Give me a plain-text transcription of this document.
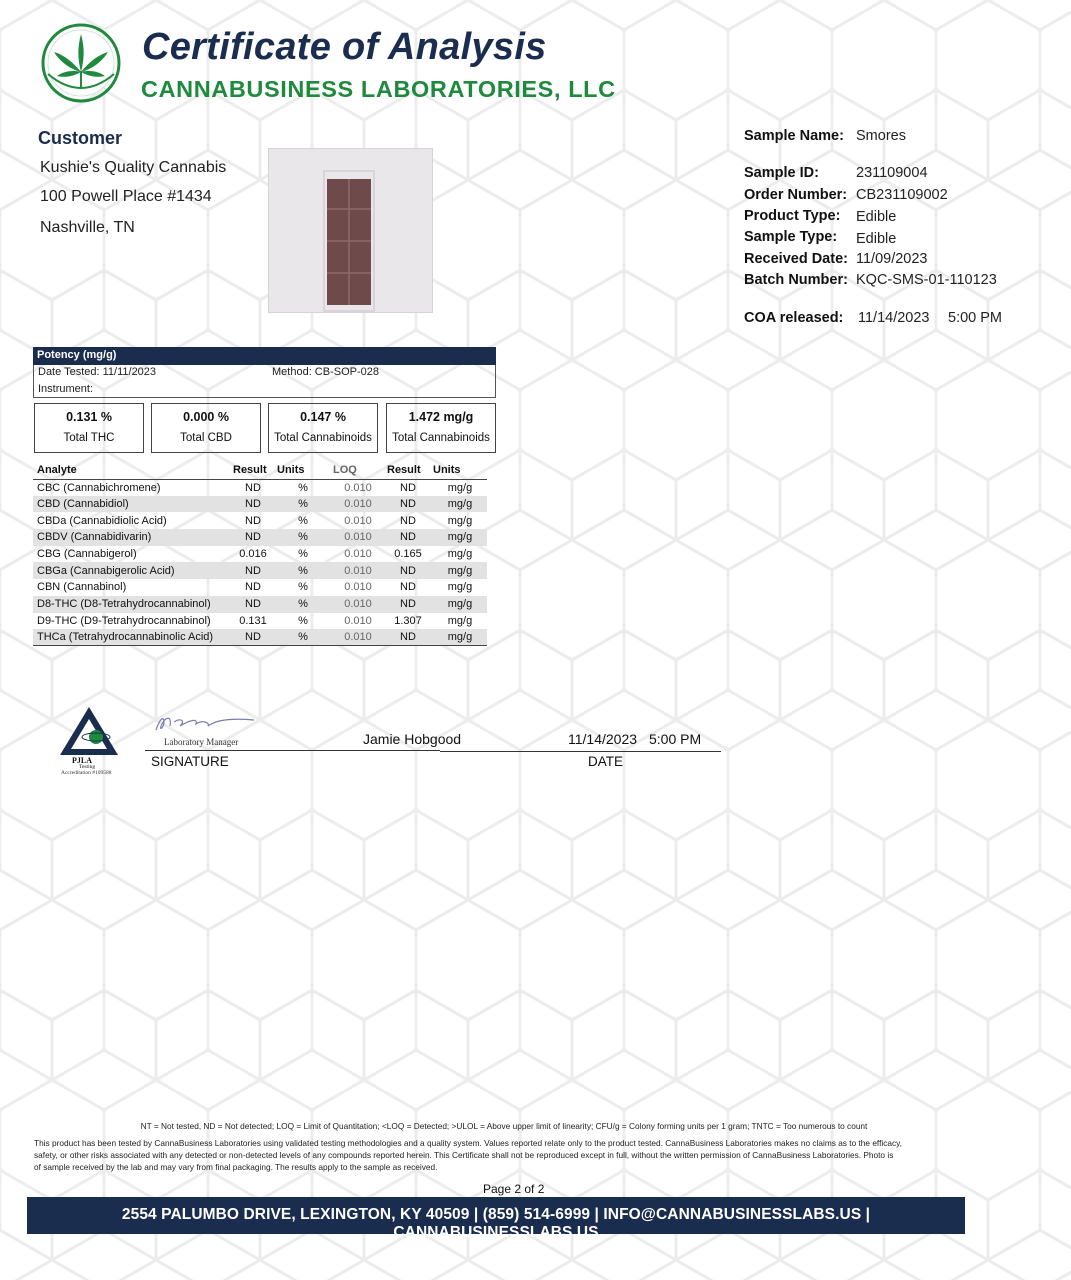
Certificate of Analysis
CANNABUSINESS LABORATORIES, LLC
Customer
Kushie's Quality Cannabis
100 Powell Place #1434
Nashville, TN
Sample Name: Smores
Sample ID:	231109004
Order Number: CB231109002
Product Type: Edible
Sample Type: Edible
Received Date: 11/09/2023
Batch Number: KQC-SMS-01-110123
COA released: 11/14/2023 5:00 PM
Potency (mg/g)
Date Tested: 11/11/2023	Method: CB-SOP-028
Instrument:
0.131 %
Total THC
0.000 %
Total CBD
0.147 %
Total Cannabinoids
1.472 mg/g
Total Cannabinoids
Analyte	Result	Units	LOQ	Result	Units
CBC (Cannabichromene)	ND	%	0.010	ND	mg/g
CBD (Cannabidiol)	ND	%	0.010	ND	mg/g
CBDa (Cannabidiolic Acid)	ND	%	0.010	ND	mg/g
CBDV (Cannabidivarin)	ND	%	0.010	ND	mg/g
CBG (Cannabigerol)	0.016	%	0.010	0.165	mg/g
CBGa (Cannabigerolic Acid)	ND	%	0.010	ND	mg/g
CBN (Cannabinol)	ND	%	0.010	ND	mg/g
D8-THC (D8-Tetrahydrocannabinol)	ND	%	0.010	ND	mg/g
D9-THC (D9-Tetrahydrocannabinol)	0.131	%	0.010	1.307	mg/g
THCa (Tetrahydrocannabinolic Acid)	ND	%	0.010	ND	mg/g
PJLA
Testing
Accreditation #109588
Laboratory Manager	Jamie Hobgood	11/14/2023 5:00 PM
SIGNATURE	DATE
NT = Not tested, ND = Not detected; LOQ = Limit of Quantitation; <LOQ = Detected; >ULOL = Above upper limit of linearity; CFU/g = Colony forming units per 1 gram; TNTC = Too numerous to count
This product has been tested by CannaBusiness Laboratories using validated testing methodologies and a quality system. Values reported relate only to the product tested. CannaBusiness Laboratories makes no claims as to the efficacy,
safety, or other risks associated with any detected or non-detected levels of any compounds reported herein. This Certificate shall not be reproduced except in full, without the written permission of CannaBusiness Laboratories. Photo is
of sample received by the lab and may vary from final packaging. The results apply to the sample as received.
Page 2 of 2
2554 PALUMBO DRIVE, LEXINGTON, KY 40509 | (859) 514-6999 | INFO@CANNABUSINESSLABS.US | CANNABUSINESSLABS.US
